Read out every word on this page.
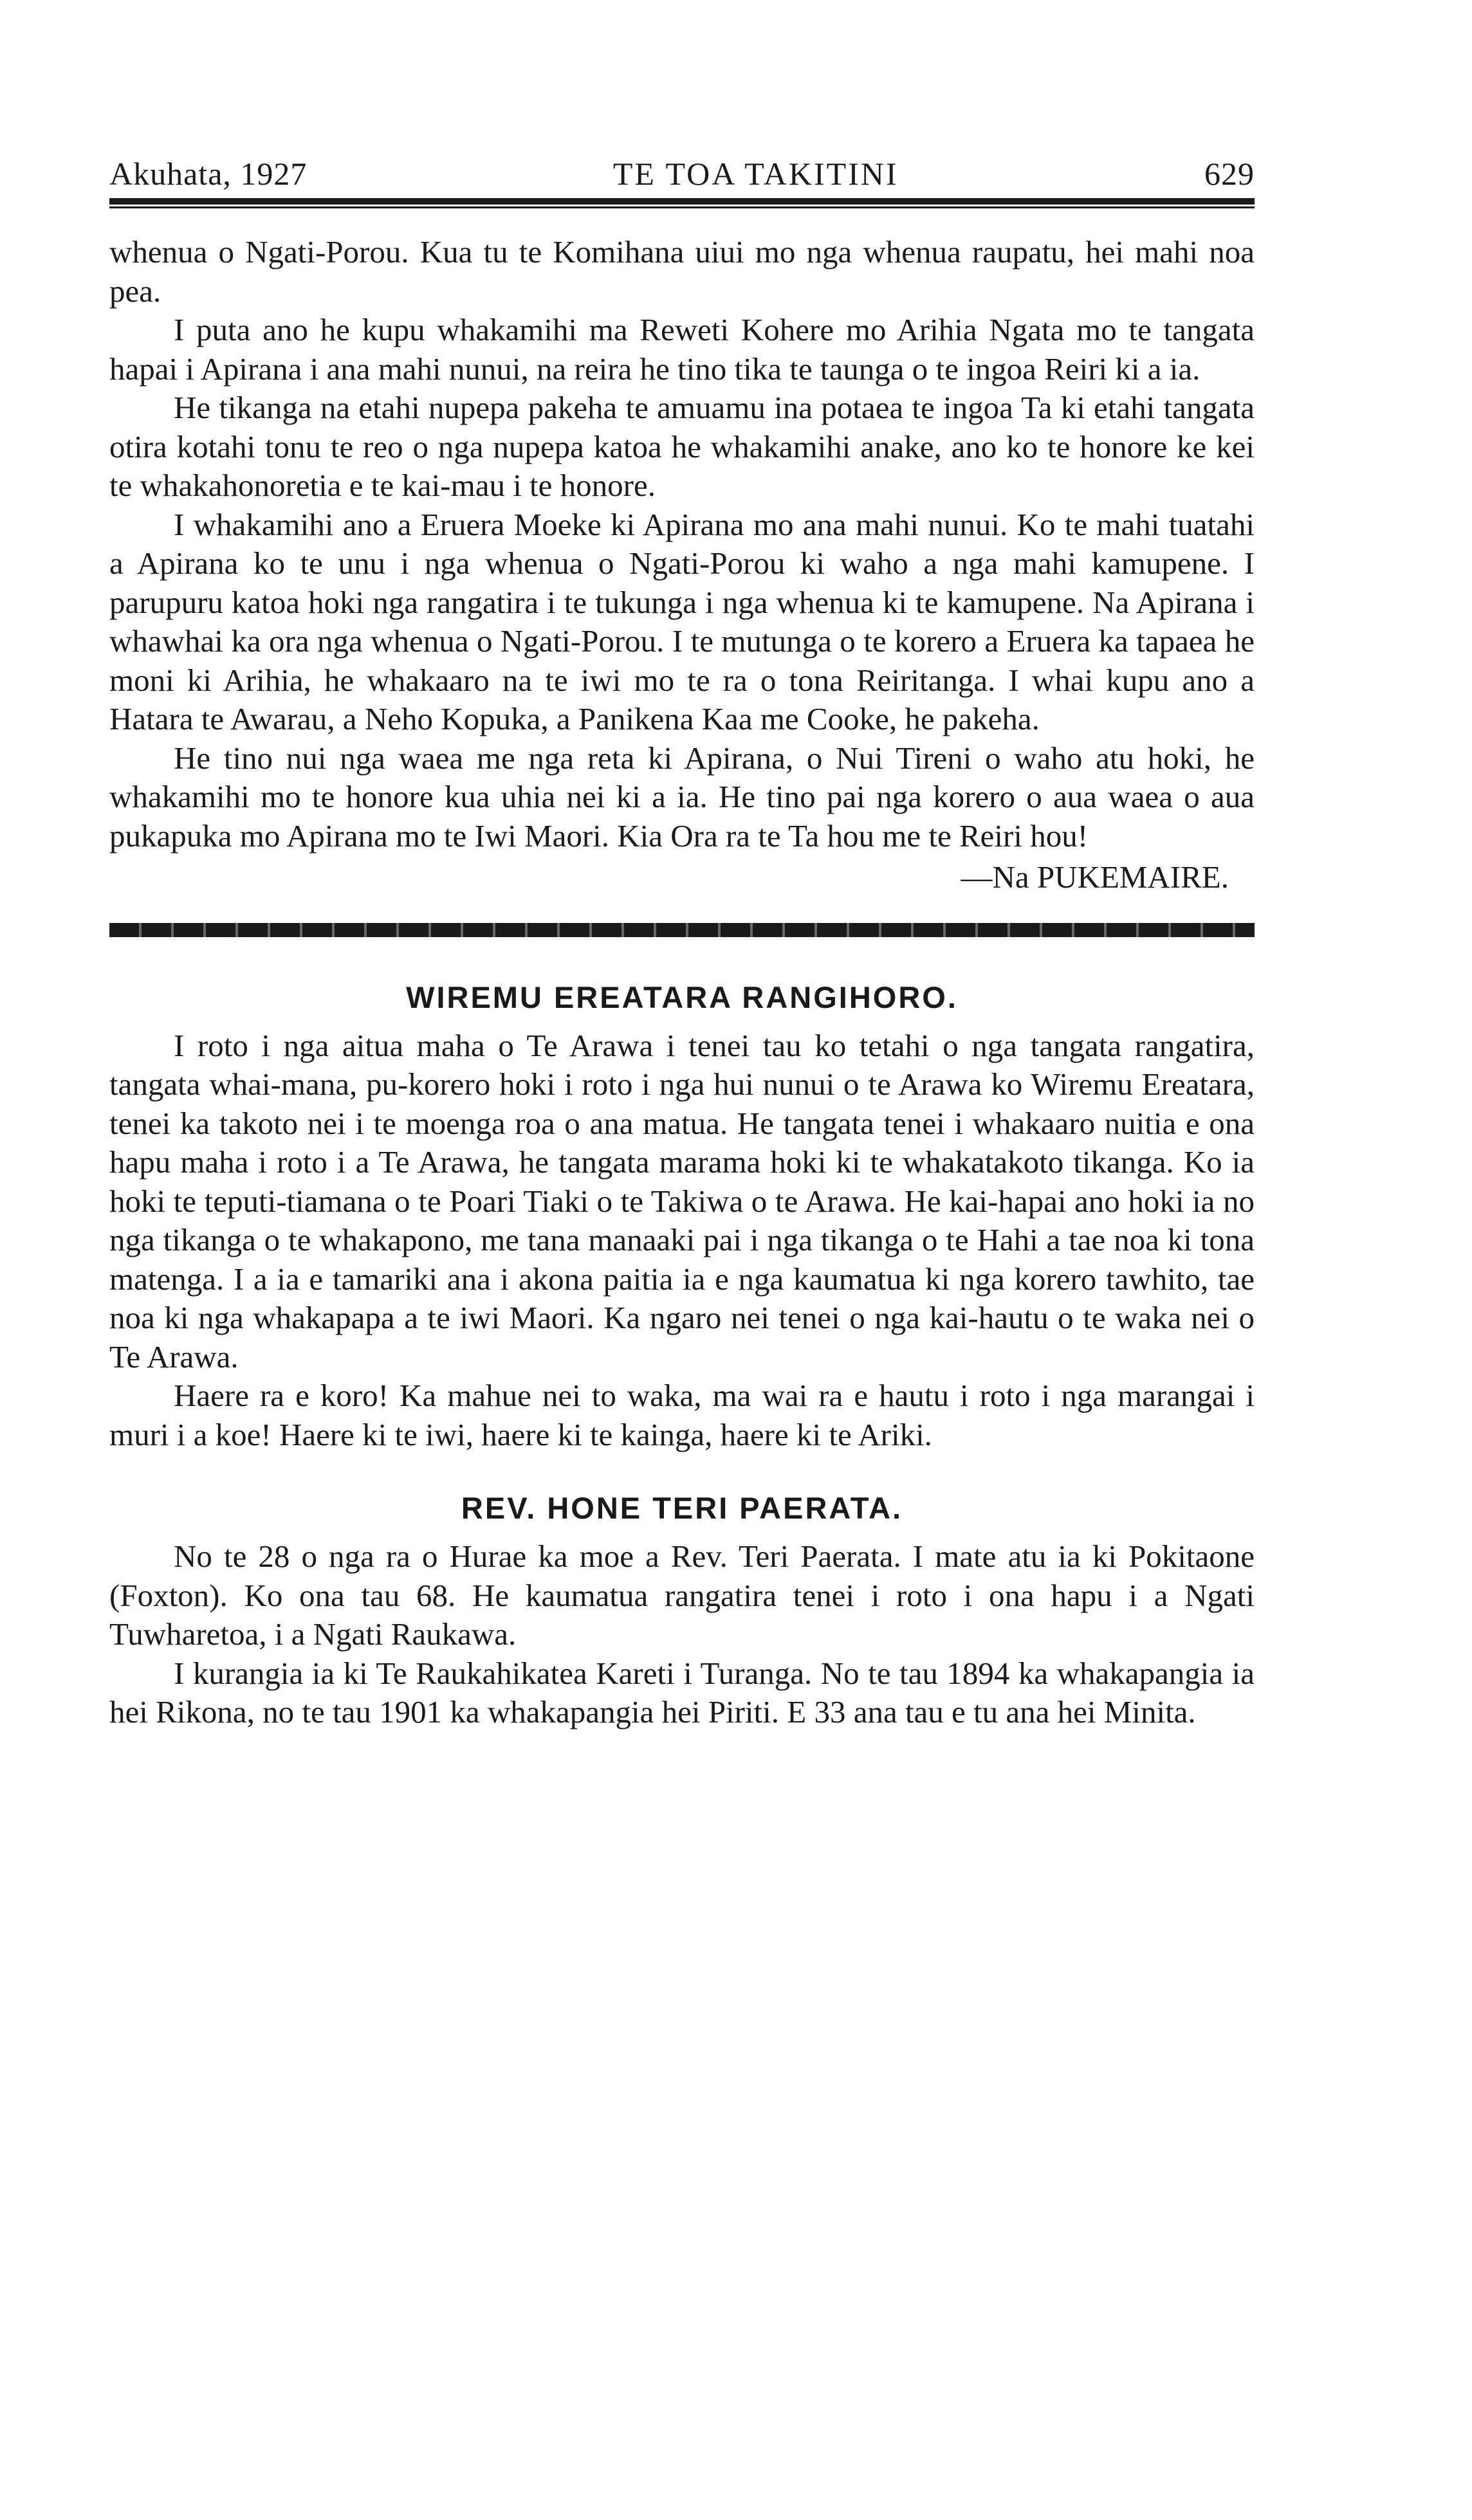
Akuhata, 1927	TE TOA TAKITINI	629

whenua o Ngati-Porou. Kua tu te Komihana uiui mo nga whenua raupatu, hei mahi noa pea.

I puta ano he kupu whakamihi ma Reweti Kohere mo Arihia Ngata mo te tangata hapai i Apirana i ana mahi nunui, na reira he tino tika te taunga o te ingoa Reiri ki a ia.

He tikanga na etahi nupepa pakeha te amuamu ina potaea te ingoa Ta ki etahi tangata otira kotahi tonu te reo o nga nupepa katoa he whakamihi anake, ano ko te honore ke kei te whakahonoretia e te kai-mau i te honore.

I whakamihi ano a Eruera Moeke ki Apirana mo ana mahi nunui. Ko te mahi tuatahi a Apirana ko te unu i nga whenua o Ngati-Porou ki waho a nga mahi kamupene. I parupuru katoa hoki nga rangatira i te tukunga i nga whenua ki te kamupene. Na Apirana i whawhai ka ora nga whenua o Ngati-Porou. I te mutunga o te korero a Eruera ka tapaea he moni ki Arihia, he whakaaro na te iwi mo te ra o tona Reiritanga. I whai kupu ano a Hatara te Awarau, a Neho Kopuka, a Panikena Kaa me Cooke, he pakeha.

He tino nui nga waea me nga reta ki Apirana, o Nui Tireni o waho atu hoki, he whakamihi mo te honore kua uhia nei ki a ia. He tino pai nga korero o aua waea o aua pukapuka mo Apirana mo te Iwi Maori. Kia Ora ra te Ta hou me te Reiri hou!

—Na PUKEMAIRE.
WIREMU EREATARA RANGIHORO.

I roto i nga aitua maha o Te Arawa i tenei tau ko tetahi o nga tangata rangatira, tangata whai-mana, pu-korero hoki i roto i nga hui nunui o te Arawa ko Wiremu Ereatara, tenei ka takoto nei i te moenga roa o ana matua. He tangata tenei i whakaaro nuitia e ona hapu maha i roto i a Te Arawa, he tangata marama hoki ki te whakatakoto tikanga. Ko ia hoki te teputi-tiamana o te Poari Tiaki o te Takiwa o te Arawa. He kai-hapai ano hoki ia no nga tikanga o te whakapono, me tana manaaki pai i nga tikanga o te Hahi a tae noa ki tona matenga. I a ia e tamariki ana i akona paitia ia e nga kaumatua ki nga korero tawhito, tae noa ki nga whakapapa a te iwi Maori. Ka ngaro nei tenei o nga kai-hautu o te waka nei o Te Arawa.

Haere ra e koro! Ka mahue nei to waka, ma wai ra e hautu i roto i nga marangai i muri i a koe! Haere ki te iwi, haere ki te kainga, haere ki te Ariki.

REV. HONE TERI PAERATA.

No te 28 o nga ra o Hurae ka moe a Rev. Teri Paerata. I mate atu ia ki Pokitaone (Foxton). Ko ona tau 68. He kaumatua rangatira tenei i roto i ona hapu i a Ngati Tuwharetoa, i a Ngati Raukawa.

I kurangia ia ki Te Raukahikatea Kareti i Turanga. No te tau 1894 ka whakapangia ia hei Rikona, no te tau 1901 ka whakapangia hei Piriti. E 33 ana tau e tu ana hei Minita.
